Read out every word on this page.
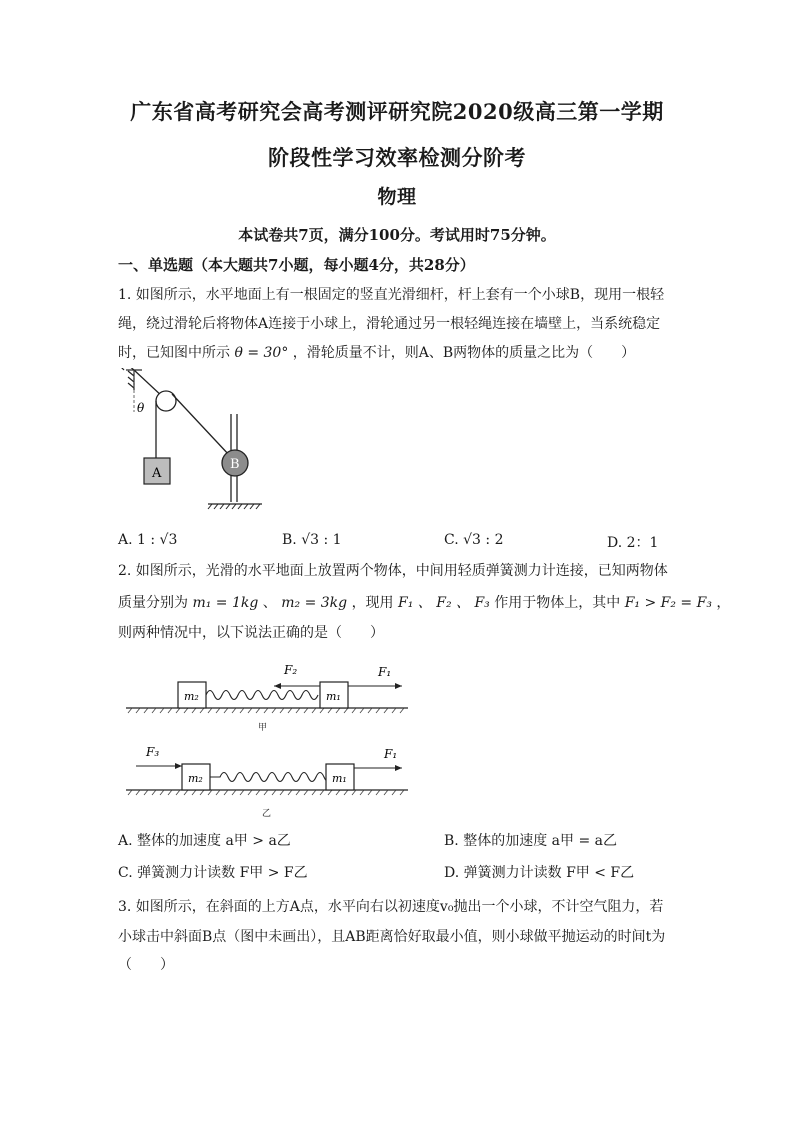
广东省高考研究会高考测评研究院2020级高三第一学期
阶段性学习效率检测分阶考
物理
本试卷共7页，满分100分。考试用时75分钟。
一、单选题（本大题共7小题，每小题4分，共28分）
1. 如图所示，水平地面上有一根固定的竖直光滑细杆，杆上套有一个小球B，现用一根轻
绳，绕过滑轮后将物体A连接于小球上，滑轮通过另一根轻绳连接在墙壁上，当系统稳定
时，已知图中所示 θ = 30° ，滑轮质量不计，则A、B两物体的质量之比为（　　）
θ
A
B
A. 1 : √3	B. √3 : 1	C. √3 : 2	D. 2：1
2. 如图所示，光滑的水平地面上放置两个物体，中间用轻质弹簧测力计连接，已知两物体
质量分别为 m₁ = 1kg 、 m₂ = 3kg ，现用 F₁ 、 F₂ 、 F₃ 作用于物体上，其中 F₁ > F₂ = F₃ ，
则两种情况中，以下说法正确的是（　　）
m₂	m₁
F₂	F₁
甲
F₃
m₂	m₁
F₁
乙
A. 整体的加速度 a甲 > a乙	B. 整体的加速度 a甲 = a乙
C. 弹簧测力计读数 F甲 > F乙	D. 弹簧测力计读数 F甲 < F乙
3. 如图所示，在斜面的上方A点，水平向右以初速度v₀抛出一个小球，不计空气阻力，若
小球击中斜面B点（图中未画出），且AB距离恰好取最小值，则小球做平抛运动的时间t为
（　　）
